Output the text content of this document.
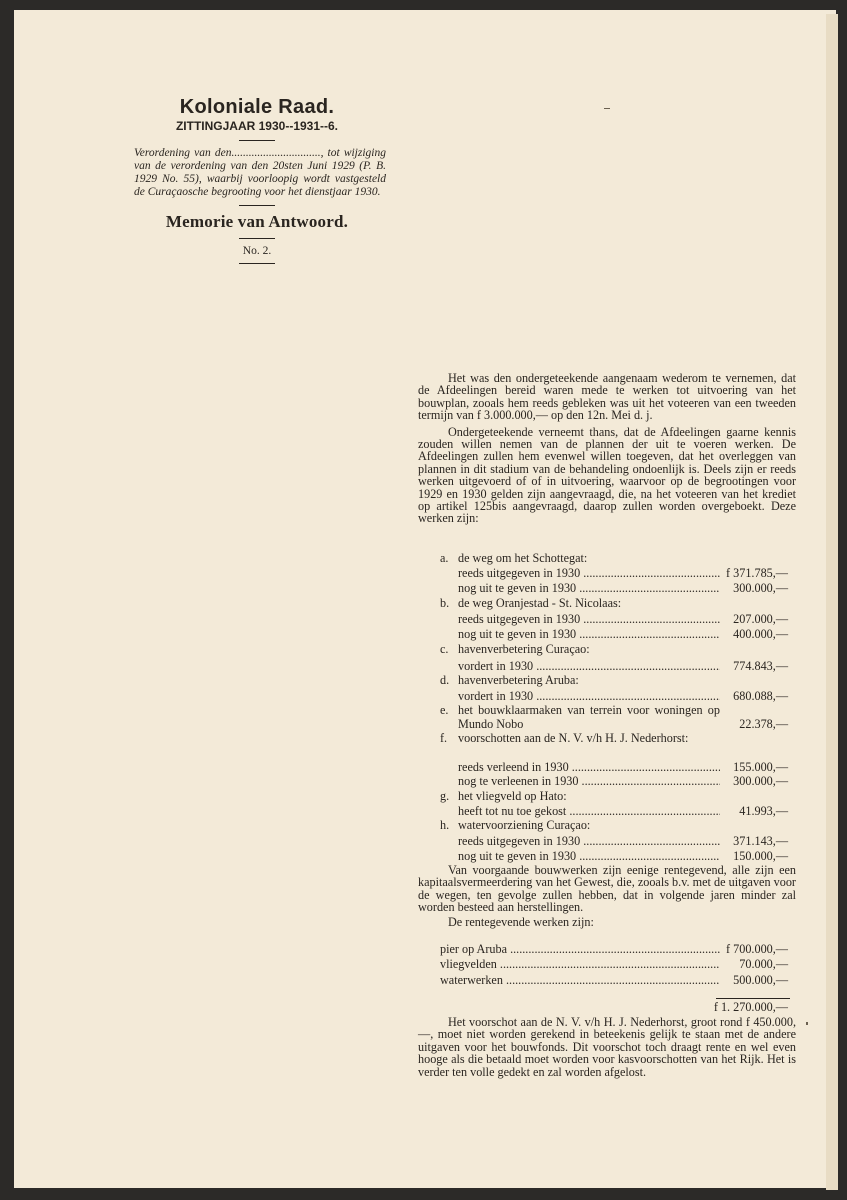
Koloniale Raad.
ZITTINGJAAR 1930--1931--6.
Verordening van den..............................., tot wijziging van de verordening van den 20sten Juni 1929 (P. B. 1929 No. 55), waarbij voorloopig wordt vastgesteld de Curaçaosche begrooting voor het dienstjaar 1930.
Memorie van Antwoord.
No. 2.

Het was den ondergeteekende aangenaam wederom te vernemen, dat de Afdeelingen bereid waren mede te werken tot uitvoering van het bouwplan, zooals hem reeds gebleken was uit het voteeren van een tweeden termijn van f 3.000.000,— op den 12n. Mei d. j.

Ondergeteekende verneemt thans, dat de Afdeelingen gaarne kennis zouden willen nemen van de plannen der uit te voeren werken. De Afdeelingen zullen hem evenwel willen toegeven, dat het overleggen van plannen in dit stadium van de behandeling ondoenlijk is. Deels zijn er reeds werken uitgevoerd of of in uitvoering, waarvoor op de begrootingen voor 1929 en 1930 gelden zijn aangevraagd, die, na het voteeren van het krediet op artikel 125bis aangevraagd, daarop zullen worden overgeboekt. Deze werken zijn:

a. de weg om het Schottegat:
reeds uitgegeven in 1930 .....	f 371.785,—
nog uit te geven in 1930 .....	300.000,—
b. de weg Oranjestad - St. Nicolaas:
reeds uitgegeven in 1930 .....	207.000,—
nog uit te geven in 1930 .....	400.000,—
c. havenverbetering Curaçao:
vordert in 1930 .....	774.843,—
d. havenverbetering Aruba:
vordert in 1930 .....	680.088,—
e. het bouwklaarmaken van terrein voor woningen op Mundo Nobo	22.378,—
f. voorschotten aan de N. V. v/h H. J. Nederhorst:
reeds verleend in 1930 .....	155.000,—
nog te verleenen in 1930 .....	300.000,—
g. het vliegveld op Hato:
heeft tot nu toe gekost .....	41.993,—
h. watervoorziening Curaçao:
reeds uitgegeven in 1930 .....	371.143,—
nog uit te geven in 1930 .....	150.000,—

Van voorgaande bouwwerken zijn eenige rentegevend, alle zijn een kapitaalsvermeerdering van het Gewest, die, zooals b.v. met de uitgaven voor de wegen, ten gevolge zullen hebben, dat in volgende jaren minder zal worden besteed aan herstellingen.

De rentegevende werken zijn:

pier op Aruba .....	f 700.000,—
vliegvelden .....	70.000,—
waterwerken .....	500.000,—
f 1. 270.000,—

Het voorschot aan de N. V. v/h H. J. Nederhorst, groot rond f 450.000,—, moet niet worden gerekend in beteekenis gelijk te staan met de andere uitgaven voor het bouwfonds. Dit voorschot toch draagt rente en wel even hooge als die betaald moet worden voor kasvoorschotten van het Rijk. Het is verder ten volle gedekt en zal worden afgelost.
